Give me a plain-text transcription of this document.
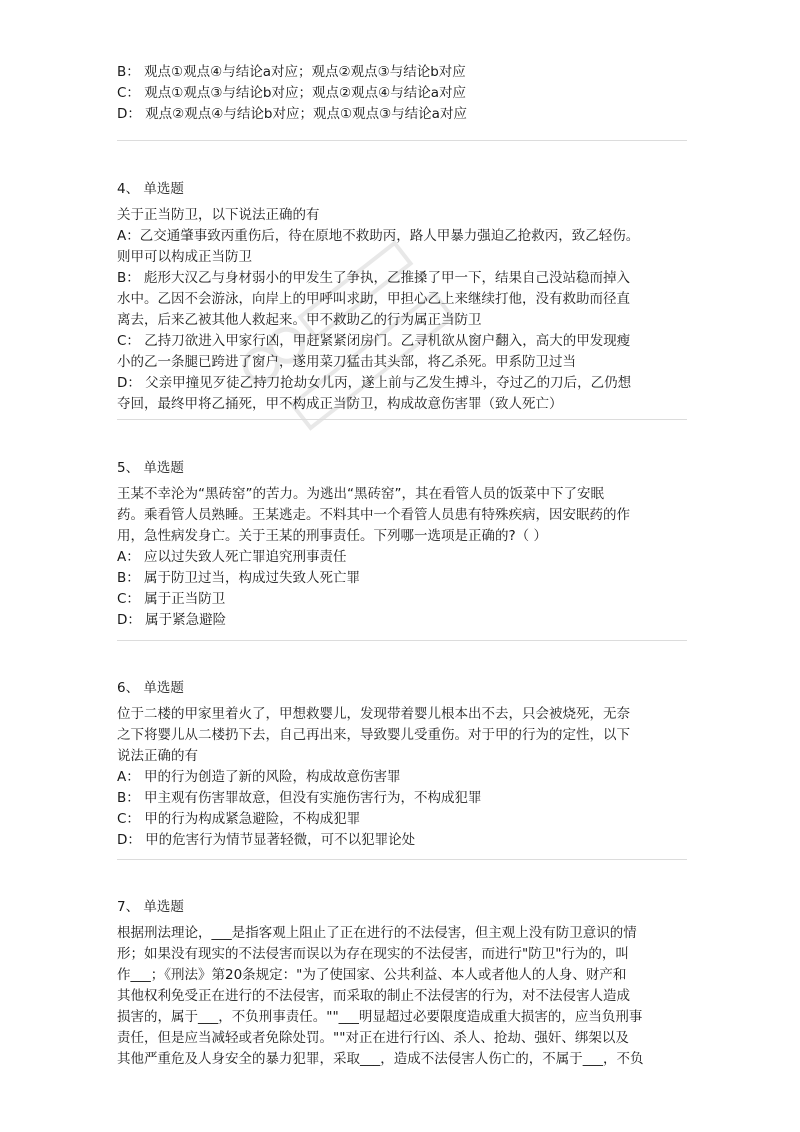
B： 观点①观点④与结论a对应；观点②观点③与结论b对应
C： 观点①观点③与结论b对应；观点②观点④与结论a对应
D： 观点②观点④与结论b对应；观点①观点③与结论a对应
4、 单选题
关于正当防卫，以下说法正确的有
A：乙交通肇事致丙重伤后，待在原地不救助丙，路人甲暴力强迫乙抢救丙，致乙轻伤。
则甲可以构成正当防卫
B： 彪形大汉乙与身材弱小的甲发生了争执，乙推搡了甲一下，结果自己没站稳而掉入
水中。乙因不会游泳，向岸上的甲呼叫求助，甲担心乙上来继续打他，没有救助而径直
离去，后来乙被其他人救起来。甲不救助乙的行为属正当防卫
C： 乙持刀欲进入甲家行凶，甲赶紧紧闭房门。乙寻机欲从窗户翻入，高大的甲发现瘦
小的乙一条腿已跨进了窗户，遂用菜刀猛击其头部，将乙杀死。甲系防卫过当
D： 父亲甲撞见歹徒乙持刀抢劫女儿丙，遂上前与乙发生搏斗，夺过乙的刀后，乙仍想
夺回，最终甲将乙捅死，甲不构成正当防卫，构成故意伤害罪（致人死亡）
5、 单选题
王某不幸沦为“黑砖窑”的苦力。为逃出“黑砖窑”，其在看管人员的饭菜中下了安眠
药。乘看管人员熟睡。王某逃走。不料其中一个看管人员患有特殊疾病，因安眠药的作
用，急性病发身亡。关于王某的刑事责任。下列哪一选项是正确的?（ ）
A： 应以过失致人死亡罪追究刑事责任
B： 属于防卫过当，构成过失致人死亡罪
C： 属于正当防卫
D： 属于紧急避险
6、 单选题
位于二楼的甲家里着火了，甲想救婴儿，发现带着婴儿根本出不去，只会被烧死，无奈
之下将婴儿从二楼扔下去，自己再出来，导致婴儿受重伤。对于甲的行为的定性，以下
说法正确的有
A： 甲的行为创造了新的风险，构成故意伤害罪
B： 甲主观有伤害罪故意，但没有实施伤害行为，不构成犯罪
C： 甲的行为构成紧急避险，不构成犯罪
D： 甲的危害行为情节显著轻微，可不以犯罪论处
7、 单选题
根据刑法理论，___是指客观上阻止了正在进行的不法侵害，但主观上没有防卫意识的情
形；如果没有现实的不法侵害而误以为存在现实的不法侵害，而进行"防卫"行为的，叫
作___；《刑法》第20条规定："为了使国家、公共利益、本人或者他人的人身、财产和
其他权利免受正在进行的不法侵害，而采取的制止不法侵害的行为，对不法侵害人造成
损害的，属于___，不负刑事责任。""___明显超过必要限度造成重大损害的，应当负刑事
责任，但是应当减轻或者免除处罚。""对正在进行行凶、杀人、抢劫、强奸、绑架以及
其他严重危及人身安全的暴力犯罪，采取___，造成不法侵害人伤亡的，不属于___，不负
